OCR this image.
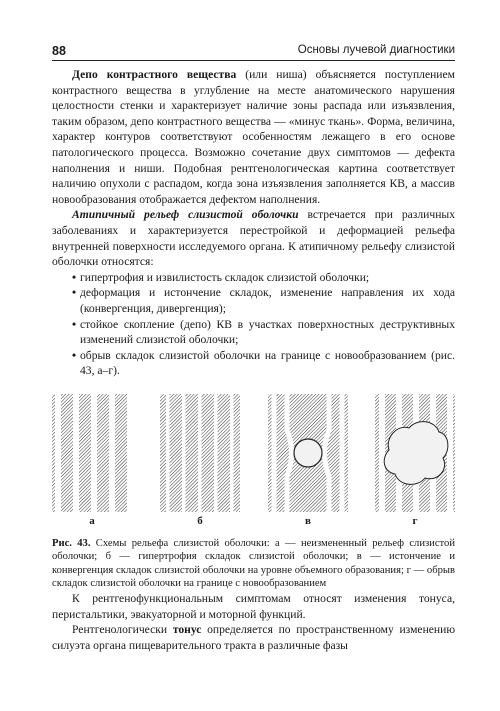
88	Основы лучевой диагностики

Депо контрастного вещества (или ниша) объясняется поступлением контрастного вещества в углубление на месте анатомического нарушения целостности стенки и характеризует наличие зоны распада или изъязвления, таким образом, депо контрастного вещества — «минус ткань». Форма, величина, характер контуров соответствуют особенностям лежащего в его основе патологического процесса. Возможно сочетание двух симптомов — дефекта наполнения и ниши. Подобная рентгенологическая картина соответствует наличию опухоли с распадом, когда зона изъязвления заполняется КВ, а массив новообразования отображается дефектом наполнения.

Атипичный рельеф слизистой оболочки встречается при различных заболеваниях и характеризуется перестройкой и деформацией рельефа внутренней поверхности исследуемого органа. К атипичному рельефу слизистой оболочки относятся:

• гипертрофия и извилистость складок слизистой оболочки;
• деформация и истончение складок, изменение направления их хода (конвергенция, дивергенция);
• стойкое скопление (депо) КВ в участках поверхностных деструктивных изменений слизистой оболочки;
• обрыв складок слизистой оболочки на границе с новообразованием (рис. 43, а–г).
а	б	в	г
Рис. 43. Схемы рельефа слизистой оболочки: а — неизмененный рельеф слизистой оболочки; б — гипертрофия складок слизистой оболочки; в — истончение и конвергенция складок слизистой оболочки на уровне объемного образования; г — обрыв складок слизистой оболочки на границе с новообразованием

К рентгенофункциональным симптомам относят изменения тонуса, перистальтики, эвакуаторной и моторной функций.

Рентгенологически тонус определяется по пространственному изменению силуэта органа пищеварительного тракта в различные фазы
